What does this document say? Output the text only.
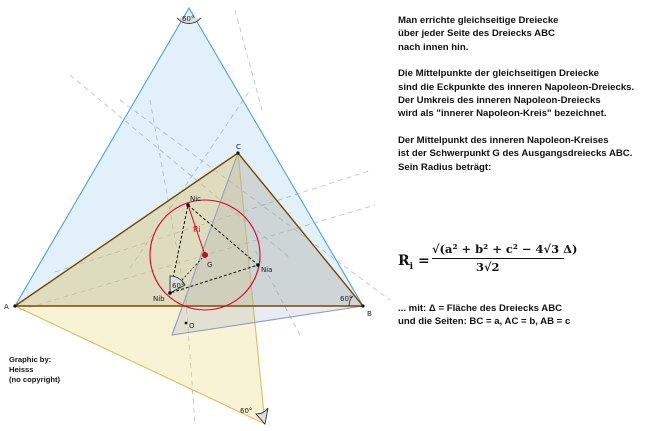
A
B
C
Nic
Nia
Nib
G
O
Ri
60°
60°
60°
60°

Man errichte gleichseitige Dreiecke

über jeder Seite des Dreiecks ABC

nach innen hin.

Die Mittelpunkte der gleichseitigen Dreiecke

sind die Eckpunkte des inneren Napoleon-Dreiecks.

Der Umkreis des inneren Napoleon-Dreiecks

wird als "innerer Napoleon-Kreis" bezeichnet.

Der Mittelpunkt des inneren Napoleon-Kreises

ist der Schwerpunkt G des Ausgangsdreiecks ABC.

Sein Radius beträgt:

$R_i$ =
√(a² + b² + c² − 4√3 Δ)
3√2

... mit: Δ = Fläche des Dreiecks ABC

und die Seiten: BC = a, AC = b, AB = c

Graphic by:

Heisss

(no copyright)
